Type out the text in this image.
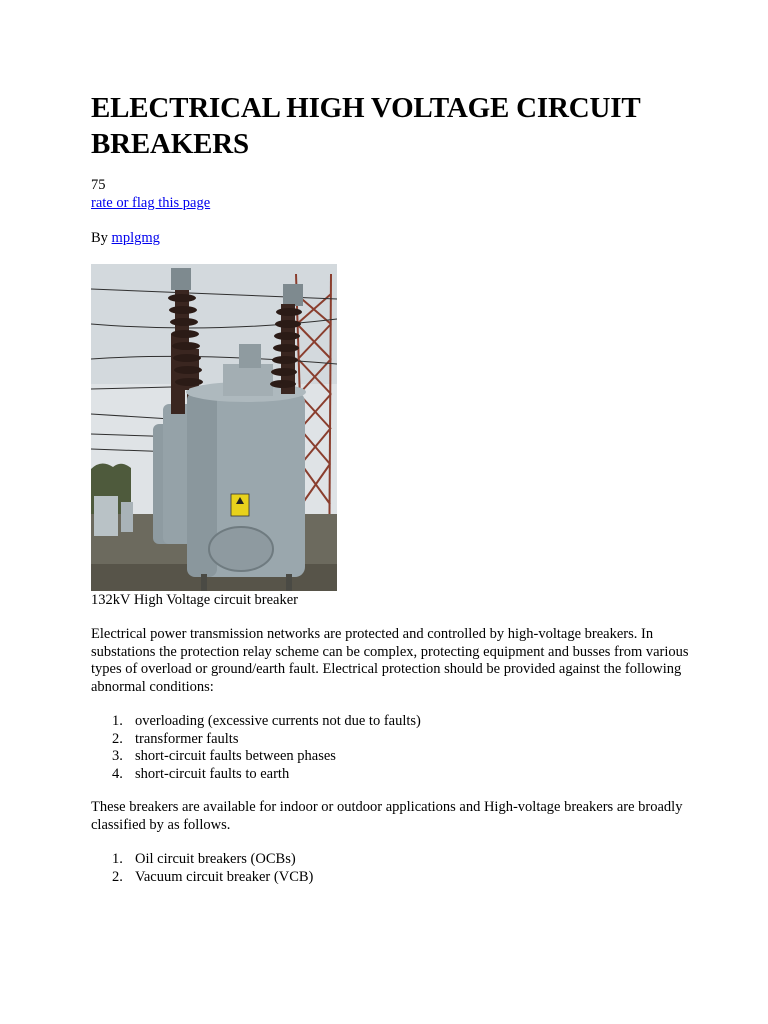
ELECTRICAL HIGH VOLTAGE CIRCUIT BREAKERS
75
rate or flag this page
By mplgmg
132kV High Voltage circuit breaker

Electrical power transmission networks are protected and controlled by high-voltage breakers. In substations the protection relay scheme can be complex, protecting equipment and busses from various types of overload or ground/earth fault. Electrical protection should be provided against the following abnormal conditions:

1. overloading (excessive currents not due to faults)
2. transformer faults
3. short-circuit faults between phases
4. short-circuit faults to earth

These breakers are available for indoor or outdoor applications and High-voltage breakers are broadly classified by as follows.

1. Oil circuit breakers (OCBs)
2. Vacuum circuit breaker (VCB)
